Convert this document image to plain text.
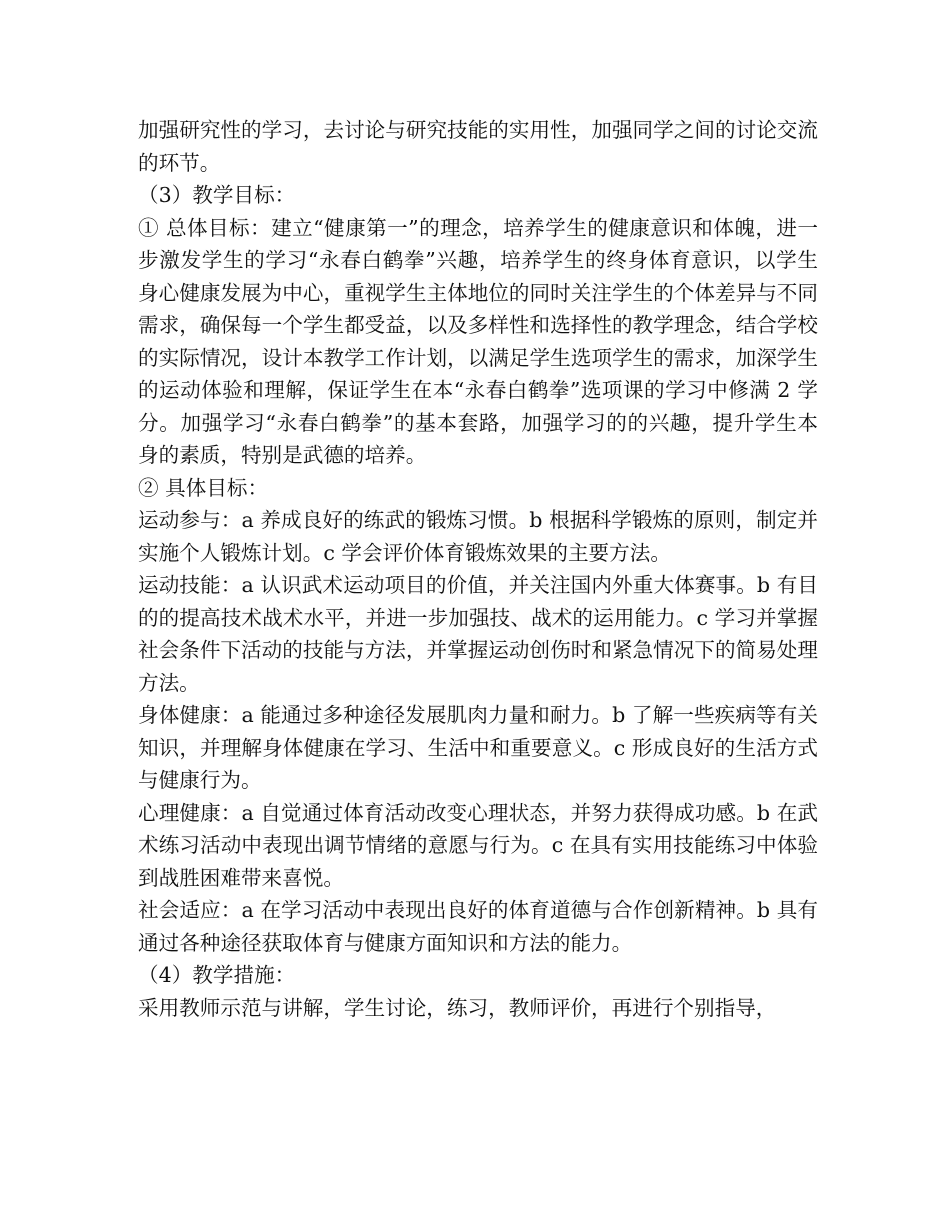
加强研究性的学习，去讨论与研究技能的实用性，加强同学之间的讨论交流的环节。

（3）教学目标：

① 总体目标：建立“健康第一”的理念，培养学生的健康意识和体魄，进一步激发学生的学习“永春白鹤拳”兴趣，培养学生的终身体育意识，以学生身心健康发展为中心，重视学生主体地位的同时关注学生的个体差异与不同需求，确保每一个学生都受益，以及多样性和选择性的教学理念，结合学校的实际情况，设计本教学工作计划，以满足学生选项学生的需求，加深学生的运动体验和理解，保证学生在本“永春白鹤拳”选项课的学习中修满 2 学分。加强学习“永春白鹤拳”的基本套路，加强学习的的兴趣，提升学生本身的素质，特别是武德的培养。

② 具体目标：

运动参与：a 养成良好的练武的锻炼习惯。b 根据科学锻炼的原则，制定并实施个人锻炼计划。c 学会评价体育锻炼效果的主要方法。

运动技能：a 认识武术运动项目的价值，并关注国内外重大体赛事。b 有目的的提高技术战术水平，并进一步加强技、战术的运用能力。c 学习并掌握社会条件下活动的技能与方法，并掌握运动创伤时和紧急情况下的简易处理方法。

身体健康：a 能通过多种途径发展肌肉力量和耐力。b 了解一些疾病等有关知识，并理解身体健康在学习、生活中和重要意义。c 形成良好的生活方式与健康行为。

心理健康：a 自觉通过体育活动改变心理状态，并努力获得成功感。b 在武术练习活动中表现出调节情绪的意愿与行为。c 在具有实用技能练习中体验到战胜困难带来喜悦。

社会适应：a 在学习活动中表现出良好的体育道德与合作创新精神。b 具有通过各种途径获取体育与健康方面知识和方法的能力。

（4）教学措施：

采用教师示范与讲解，学生讨论，练习，教师评价，再进行个别指导，
